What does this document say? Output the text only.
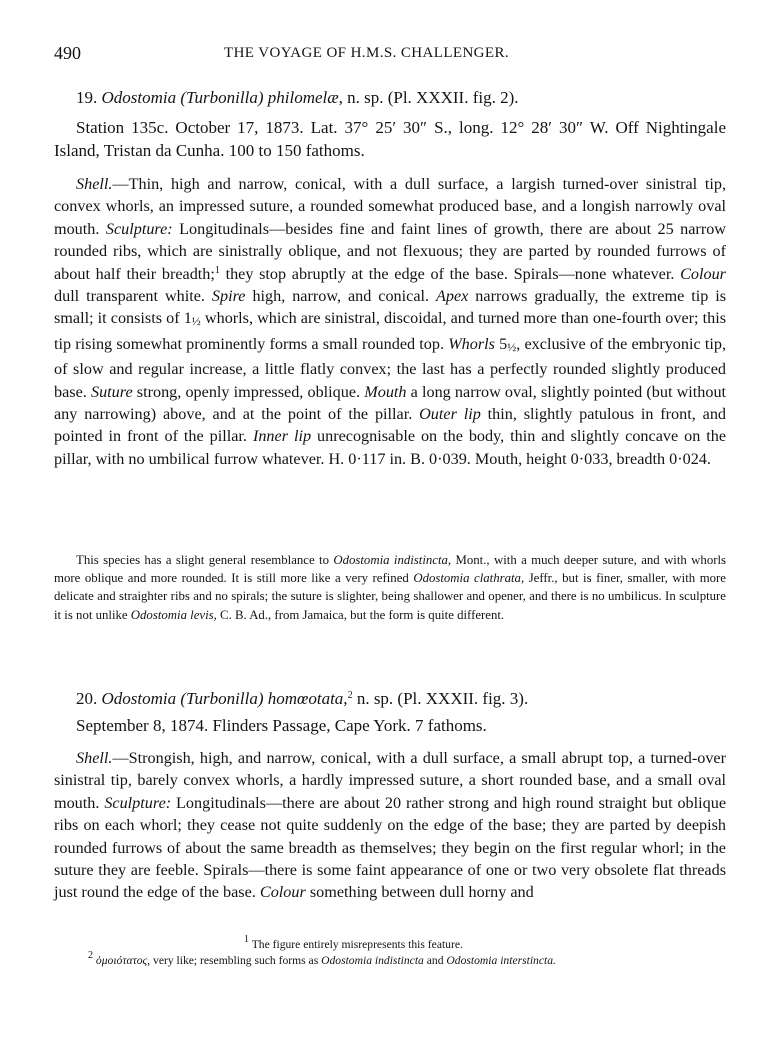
490	THE VOYAGE OF H.M.S. CHALLENGER.

19. Odostomia (Turbonilla) philomelæ, n. sp. (Pl. XXXII. fig. 2).

Station 135c. October 17, 1873. Lat. 37° 25′ 30″ S., long. 12° 28′ 30″ W. Off Nightingale Island, Tristan da Cunha. 100 to 150 fathoms.

Shell.—Thin, high and narrow, conical, with a dull surface, a largish turned-over sinistral tip, convex whorls, an impressed suture, a rounded somewhat produced base, and a longish narrowly oval mouth. Sculpture: Longitudinals—besides fine and faint lines of growth, there are about 25 narrow rounded ribs, which are sinistrally oblique, and not flexuous; they are parted by rounded furrows of about half their breadth;$^1$ they stop abruptly at the edge of the base. Spirals—none whatever. Colour dull transparent white. Spire high, narrow, and conical. Apex narrows gradually, the extreme tip is small; it consists of 1½ whorls, which are sinistral, discoidal, and turned more than one-fourth over; this tip rising somewhat prominently forms a small rounded top. Whorls 5½, exclusive of the embryonic tip, of slow and regular increase, a little flatly convex; the last has a perfectly rounded slightly produced base. Suture strong, openly impressed, oblique. Mouth a long narrow oval, slightly pointed (but without any narrowing) above, and at the point of the pillar. Outer lip thin, slightly patulous in front, and pointed in front of the pillar. Inner lip unrecognisable on the body, thin and slightly concave on the pillar, with no umbilical furrow whatever. H. 0·117 in. B. 0·039. Mouth, height 0·033, breadth 0·024.

This species has a slight general resemblance to Odostomia indistincta, Mont., with a much deeper suture, and with whorls more oblique and more rounded. It is still more like a very refined Odostomia clathrata, Jeffr., but is finer, smaller, with more delicate and straighter ribs and no spirals; the suture is slighter, being shallower and opener, and there is no umbilicus. In sculpture it is not unlike Odostomia levis, C. B. Ad., from Jamaica, but the form is quite different.

20. Odostomia (Turbonilla) homœotata,$^2$ n. sp. (Pl. XXXII. fig. 3).

September 8, 1874. Flinders Passage, Cape York. 7 fathoms.

Shell.—Strongish, high, and narrow, conical, with a dull surface, a small abrupt top, a turned-over sinistral tip, barely convex whorls, a hardly impressed suture, a short rounded base, and a small oval mouth. Sculpture: Longitudinals—there are about 20 rather strong and high round straight but oblique ribs on each whorl; they cease not quite suddenly on the edge of the base; they are parted by deepish rounded furrows of about the same breadth as themselves; they begin on the first regular whorl; in the suture they are feeble. Spirals—there is some faint appearance of one or two very obsolete flat threads just round the edge of the base. Colour something between dull horny and

$^1$ The figure entirely misrepresents this feature.
$^2$ ὁμοιότατος, very like; resembling such forms as Odostomia indistincta and Odostomia interstincta.
